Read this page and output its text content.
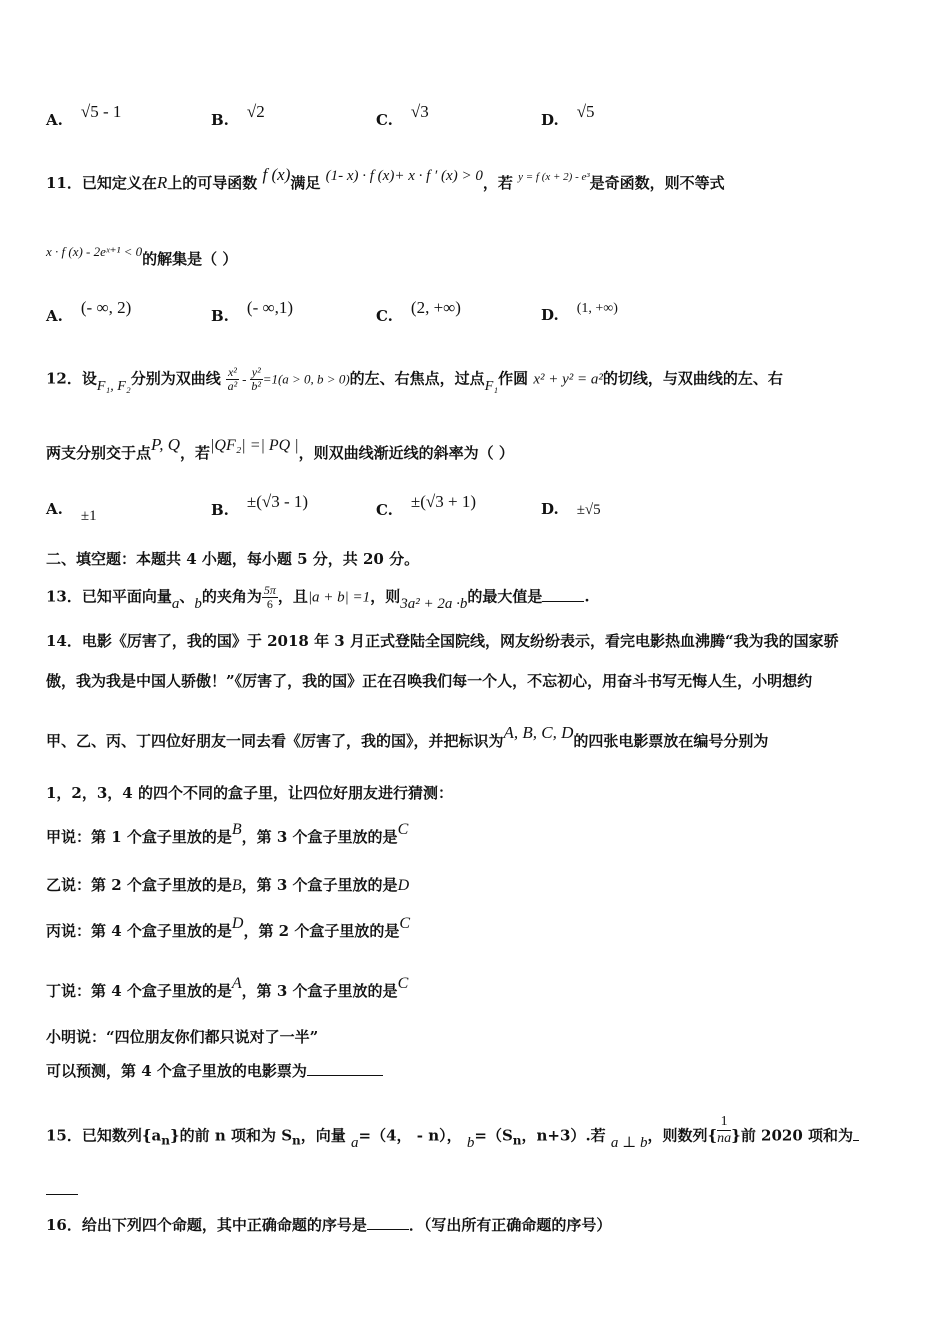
A. √5 - 1	B. √2	C. √3	D. √5
11．已知定义在R上的可导函数 f (x)满足 (1- x) · f (x)+ x · f ′ (x) > 0，若 $^{y = f (x + 2) - e^3}$是奇函数，则不等式
x · f (x) - 2eˣ⁺¹ < 0的解集是（ ）
A. (- ∞, 2)	B. (- ∞,1)	C. (2, +∞)	D. (1, +∞)
12．设F₁, F₂分别为双曲线 $\frac{\text{x²}}{\text{a²}} - \frac{\text{y²}}{\text{b²}} =1(a > 0$, b > 0)的左、右焦点，过点F₁作圆 x² + y² = a²的切线，与双曲线的左、右
两支分别交于点P, Q，若|QF₂| =| PQ |，则双曲线渐近线的斜率为（ ）
A. ±1	B. ±(√3 - 1)	C. ±(√3 + 1)	D. ±√5
二、填空题：本题共 4 小题，每小题 5 分，共 20 分。
13．已知平面向量a、b的夹角为 $\frac{5\pi}{6}$ ，且|a + b| =1，则3a² + 2a ·b的最大值是	.
14．电影《厉害了，我的国》于 2018 年 3 月正式登陆全国院线，网友纷纷表示，看完电影热血沸腾“我为我的国家骄
傲，我为我是中国人骄傲！”《厉害了，我的国》正在召唤我们每一个人，不忘初心，用奋斗书写无悔人生，小明想约
甲、乙、丙、丁四位好朋友一同去看《厉害了，我的国》，并把标识为A, B, C, D的四张电影票放在编号分别为
1，2，3，4 的四个不同的盒子里，让四位好朋友进行猜测：
甲说：第 1 个盒子里放的是B，第 3 个盒子里放的是C
乙说：第 2 个盒子里放的是B，第 3 个盒子里放的是D
丙说：第 4 个盒子里放的是D，第 2 个盒子里放的是C
丁说：第 4 个盒子里放的是A，第 3 个盒子里放的是C
小明说：“四位朋友你们都只说对了一半”
可以预测，第 4 个盒子里放的电影票为
15．已知数列$\{a_n\}$的前 n 项和为 $S_n$，向量 a=（4， - n）， $b=(S_n$，n+3）.若 a ⊥ b，则数列{ $\frac{1}{na}$ }前 2020 项和为
16．给出下列四个命题，其中正确命题的序号是	．（写出所有正确命题的序号）
